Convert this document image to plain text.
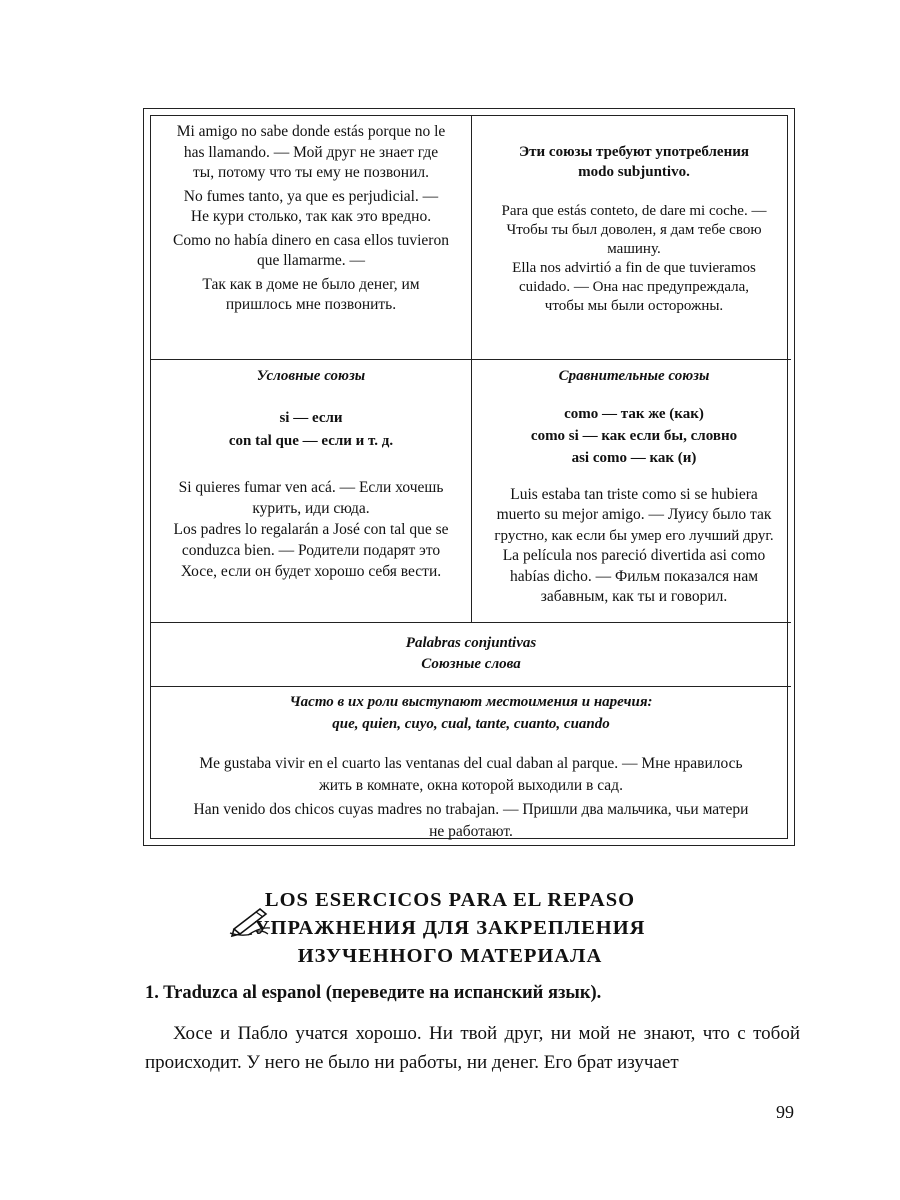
Mi amigo no sabe donde estás porque no le

has llamando. — Мой друг не знает где

ты, потому что ты ему не позвонил.

No fumes tanto, ya que es perjudicial. —

Не кури столько, так как это вредно.

Como no había dinero en casa ellos tuvieron

que llamarme. —

Так как в доме не было денег, им

пришлось мне позвонить.

Эти союзы требуют употребления

modo subjuntivo.

Para que estás conteto, de dare mi coche. —

Чтобы ты был доволен, я дам тебе свою

машину.

Ella nos advirtió a fin de que tuvieramos

cuidado. — Она нас предупреждала,

чтобы мы были осторожны.

Условные союзы

si — если

con tal que — если и т. д.

Si quieres fumar ven acá. — Если хочешь

курить, иди сюда.

Los padres lo regalarán a José con tal que se

conduzca bien. — Родители подарят это

Хосе, если он будет хорошо себя вести.

Сравнительные союзы

como — так же (как)

como si — как если бы, словно

asi como — как (и)

Luis estaba tan triste como si se hubiera

muerto su mejor amigo. — Луису было так

грустно, как если бы умер его лучший друг.

La película nos pareció divertida asi como

habías dicho. — Фильм показался нам

забавным, как ты и говорил.

Palabras conjuntivas

Союзные слова

Часто в их роли выступают местоимения и наречия:

que, quien, cuyo, cual, tante, cuanto, cuando

Me gustaba vivir en el cuarto las ventanas del cual daban al parque. — Мне нравилось

жить в комнате, окна которой выходили в сад.

Han venido dos chicos cuyas madres no trabajan. — Пришли два мальчика, чьи матери

не работают.

LOS ESERCICOS PARA EL REPASO

УПРАЖНЕНИЯ ДЛЯ ЗАКРЕПЛЕНИЯ

ИЗУЧЕННОГО МАТЕРИАЛА

1. Traduzca al espanol (переведите на испанский язык).
Хосе и Пабло учатся хорошо. Ни твой друг, ни мой не знают, что с тобой происходит. У него не было ни работы, ни денег. Его брат изучает
99
